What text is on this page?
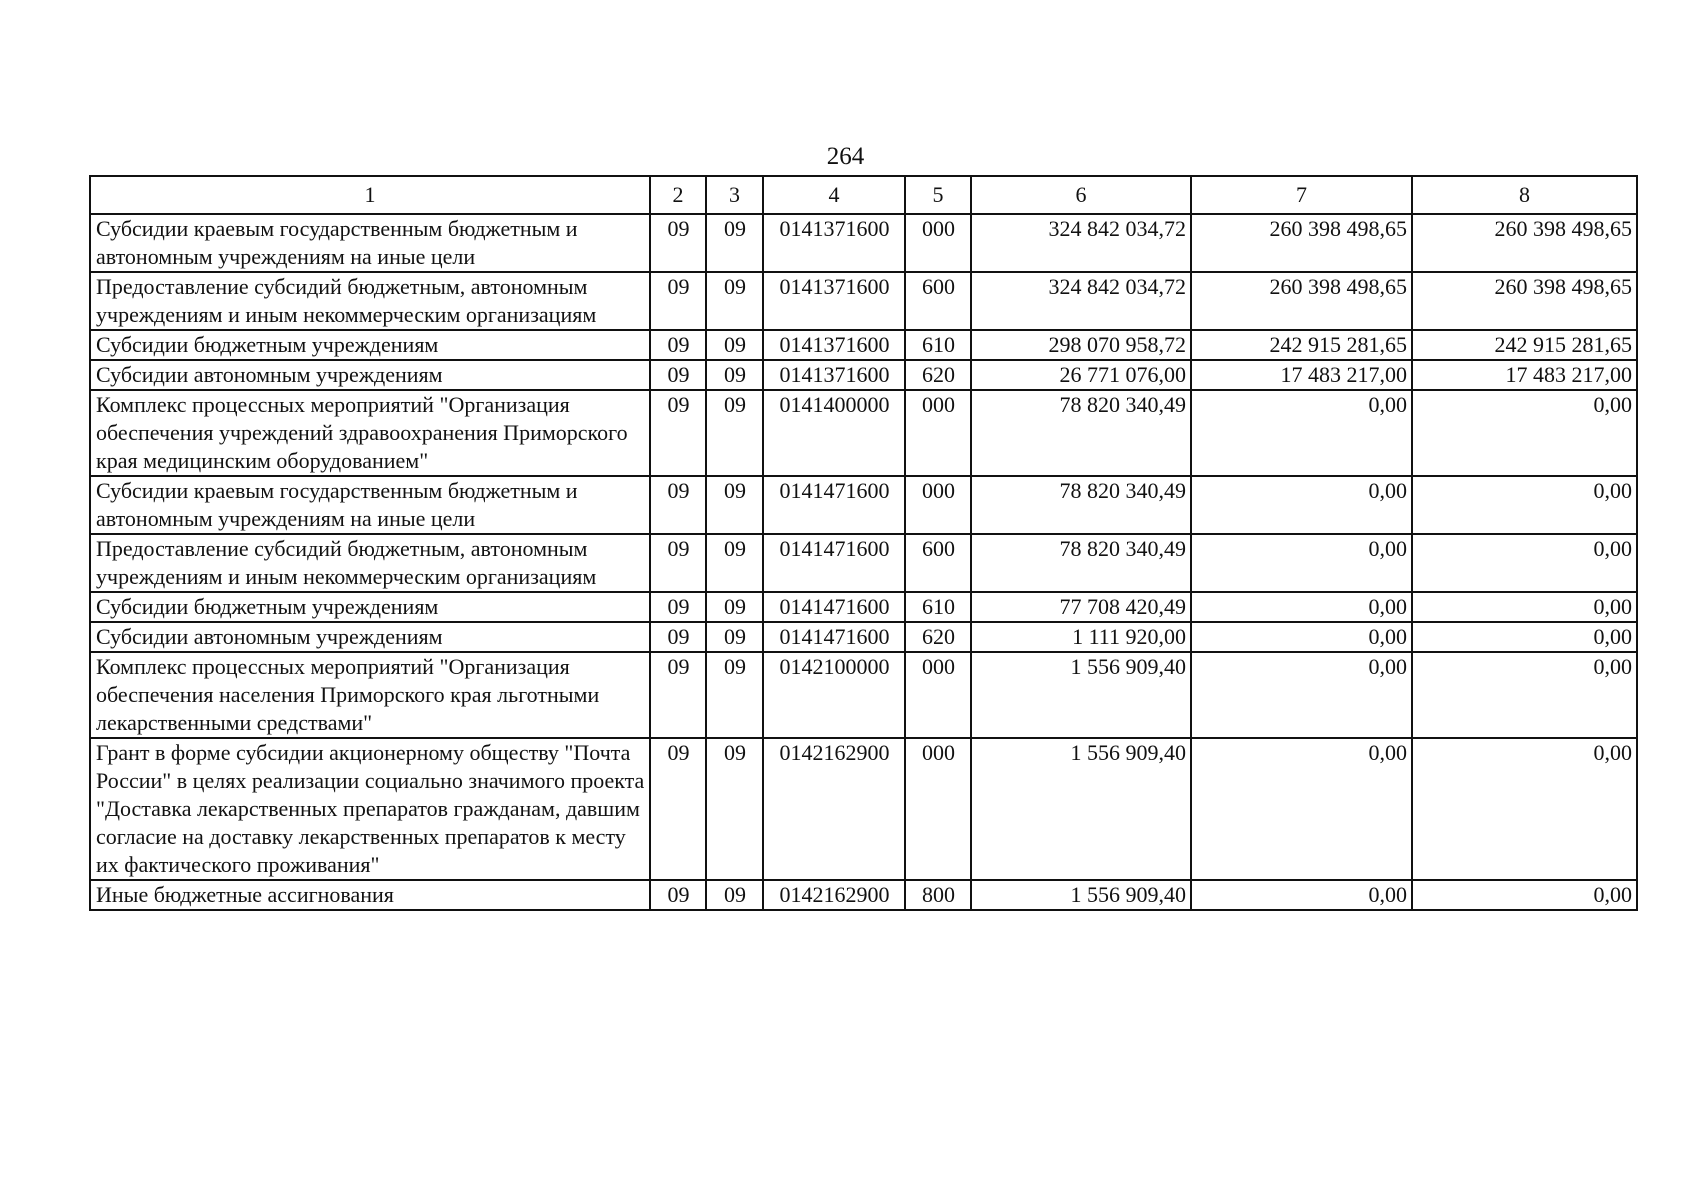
264
1	2	3	4	5	6	7	8
Субсидии краевым государственным бюджетным и автономным учреждениям на иные цели	09	09	0141371600	000	324 842 034,72	260 398 498,65	260 398 498,65
Предоставление субсидий бюджетным, автономным учреждениям и иным некоммерческим организациям	09	09	0141371600	600	324 842 034,72	260 398 498,65	260 398 498,65
Субсидии бюджетным учреждениям	09	09	0141371600	610	298 070 958,72	242 915 281,65	242 915 281,65
Субсидии автономным учреждениям	09	09	0141371600	620	26 771 076,00	17 483 217,00	17 483 217,00
Комплекс процессных мероприятий "Организация обеспечения учреждений здравоохранения Приморского края медицинским оборудованием"	09	09	0141400000	000	78 820 340,49	0,00	0,00
Субсидии краевым государственным бюджетным и автономным учреждениям на иные цели	09	09	0141471600	000	78 820 340,49	0,00	0,00
Предоставление субсидий бюджетным, автономным учреждениям и иным некоммерческим организациям	09	09	0141471600	600	78 820 340,49	0,00	0,00
Субсидии бюджетным учреждениям	09	09	0141471600	610	77 708 420,49	0,00	0,00
Субсидии автономным учреждениям	09	09	0141471600	620	1 111 920,00	0,00	0,00
Комплекс процессных мероприятий "Организация обеспечения населения Приморского края льготными лекарственными средствами"	09	09	0142100000	000	1 556 909,40	0,00	0,00
Грант в форме субсидии акционерному обществу "Почта России" в целях реализации социально значимого проекта "Доставка лекарственных препаратов гражданам, давшим согласие на доставку лекарственных препаратов к месту их фактического проживания"	09	09	0142162900	000	1 556 909,40	0,00	0,00
Иные бюджетные ассигнования	09	09	0142162900	800	1 556 909,40	0,00	0,00
